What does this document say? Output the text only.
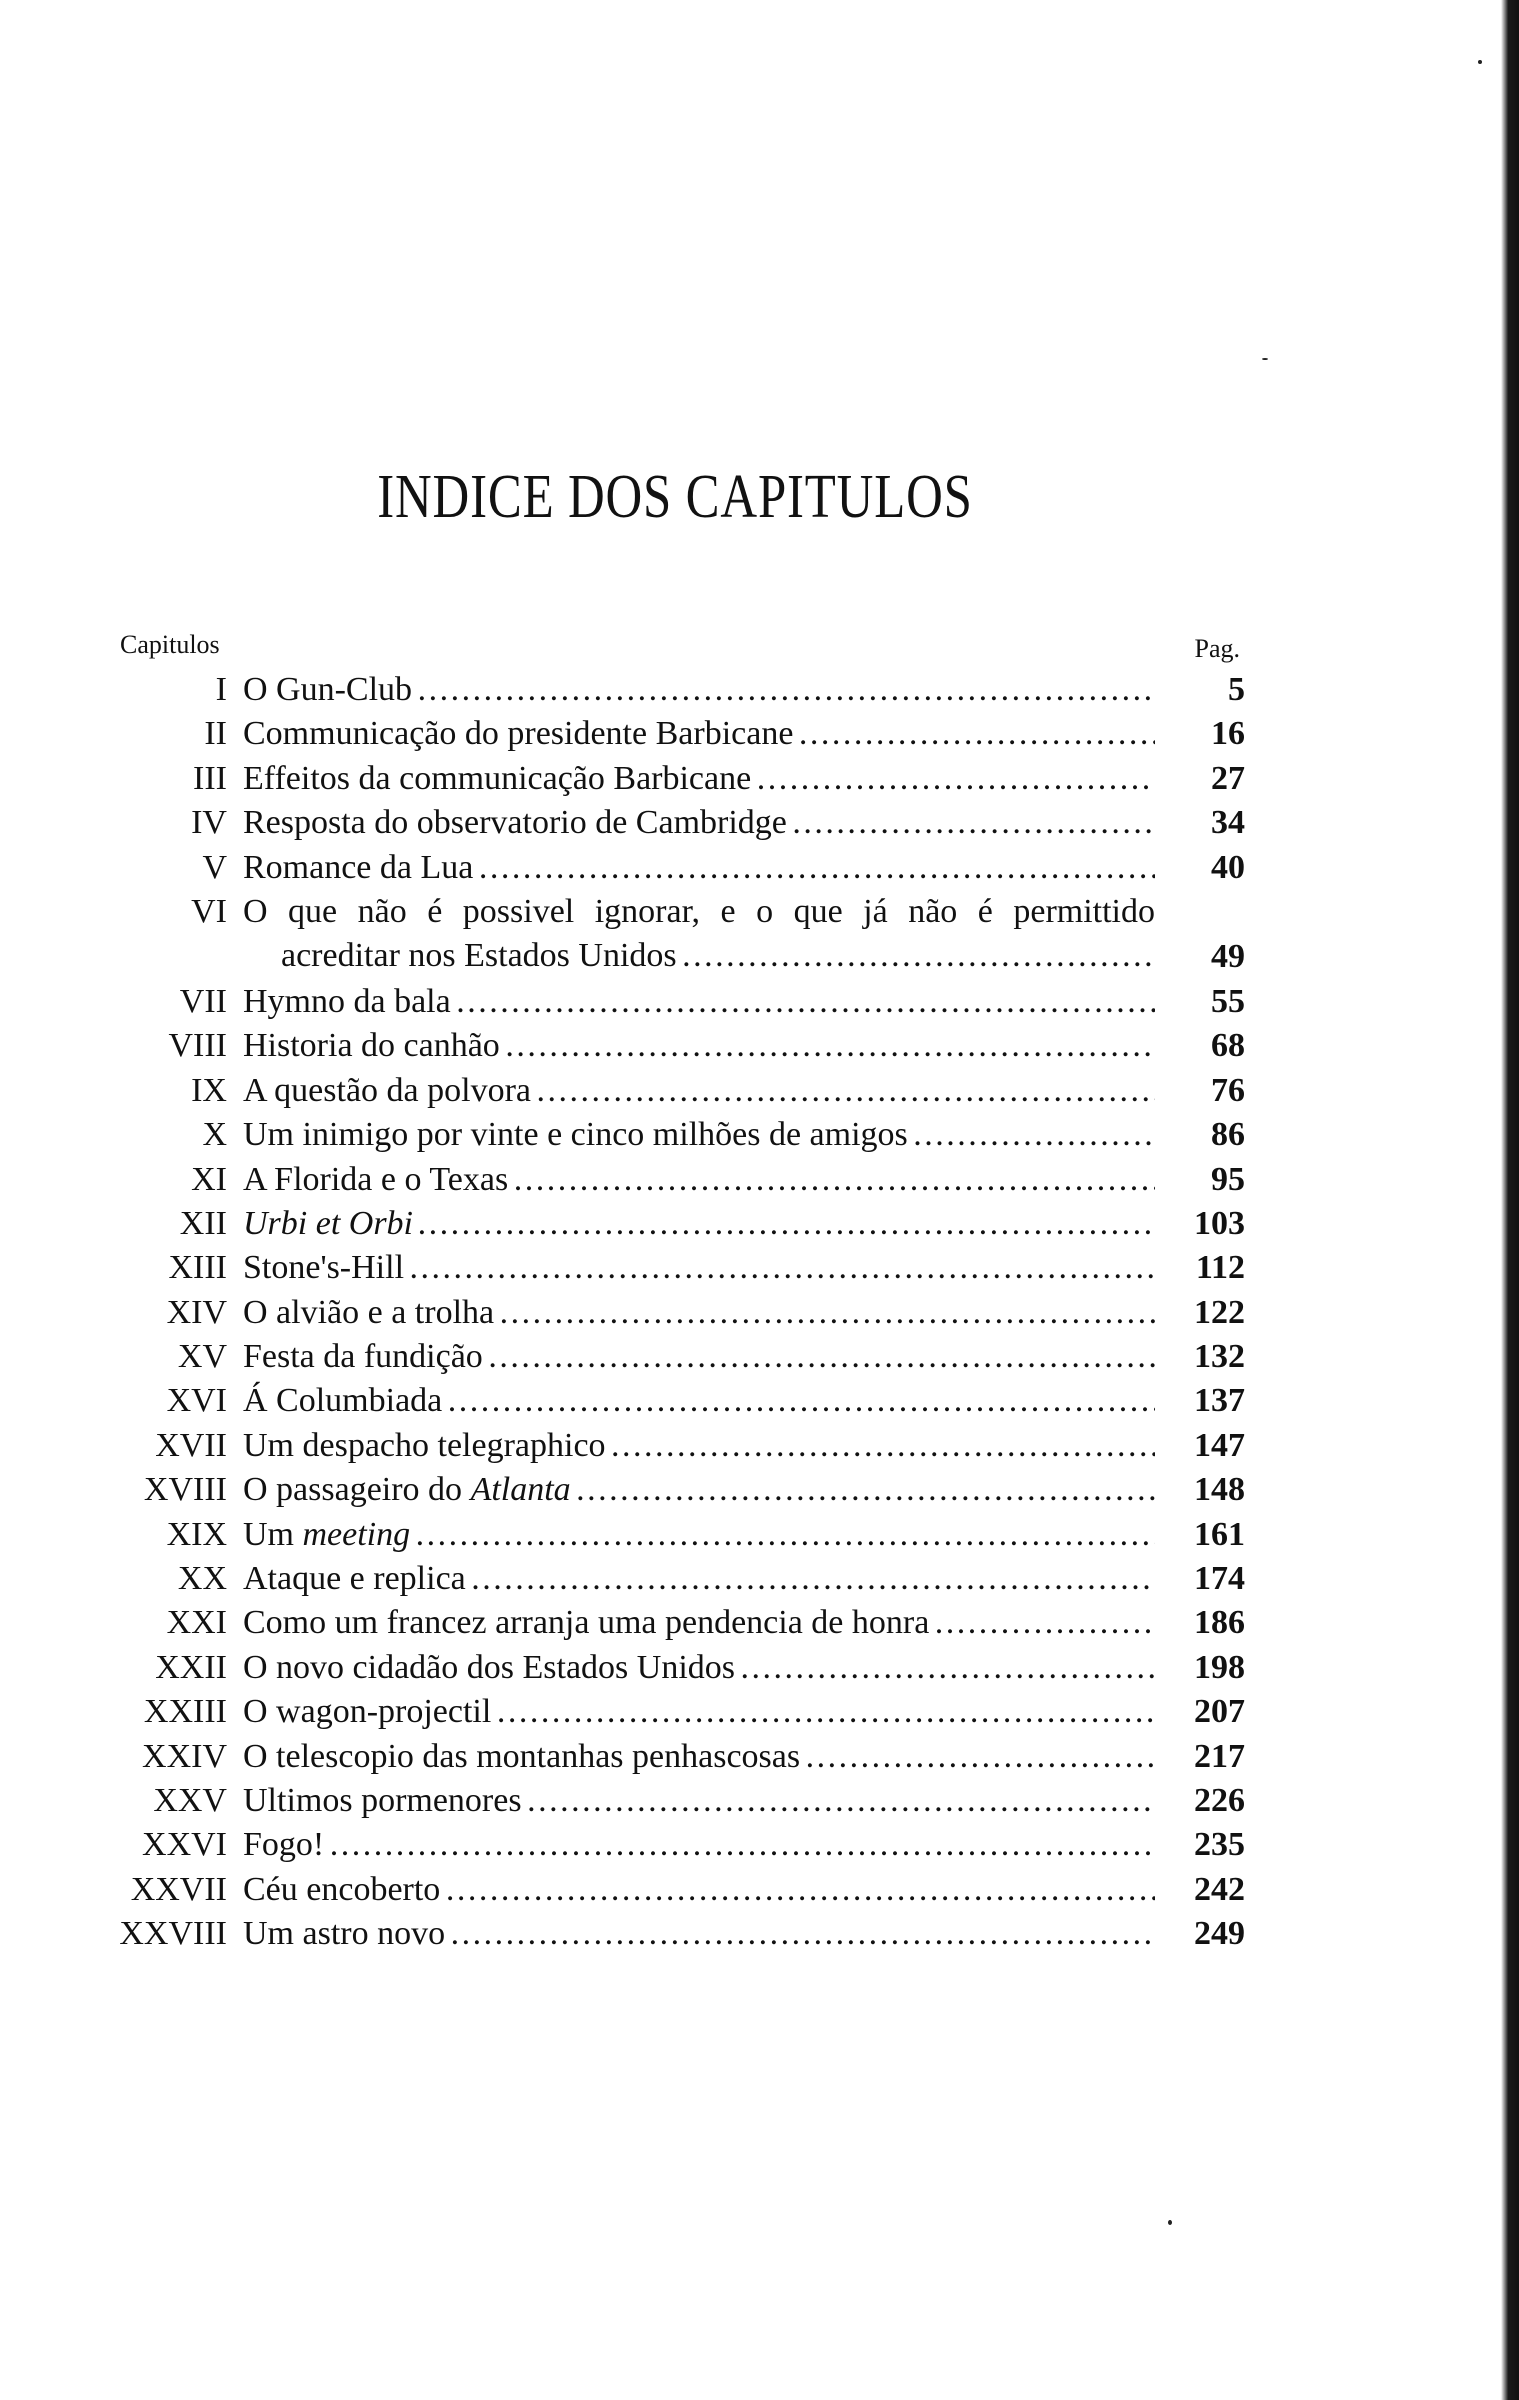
INDICE DOS CAPITULOS
Capitulos	Pag.
I O Gun-Club . . .	5
II Communicação do presidente Barbicane . . .	16
III Effeitos da communicação Barbicane . . .	27
IV Resposta do observatorio de Cambridge . . .	34
V Romance da Lua . . .	40
VI O que não é possivel ignorar, e o que já não é permittido
acreditar nos Estados Unidos . . .	49
VII Hymno da bala . . .	55
VIII Historia do canhão . . .	68
IX A questão da polvora . . .	76
X Um inimigo por vinte e cinco milhões de amigos . . .	86
XI A Florida e o Texas . . .	95
XII Urbi et Orbi . . .	103
XIII Stone's-Hill . . .	112
XIV O alvião e a trolha . . .	122
XV Festa da fundição . . .	132
XVI Á Columbiada . . .	137
XVII Um despacho telegraphico . . .	147
XVIII O passageiro do Atlanta . . .	148
XIX Um meeting . . .	161
XX Ataque e replica . . .	174
XXI Como um francez arranja uma pendencia de honra . . .	186
XXII O novo cidadão dos Estados Unidos . . .	198
XXIII O wagon-projectil . . .	207
XXIV O telescopio das montanhas penhascosas . . .	217
XXV Ultimos pormenores . . .	226
XXVI Fogo! . . .	235
XXVII Céu encoberto . . .	242
XXVIII Um astro novo . . .	249
